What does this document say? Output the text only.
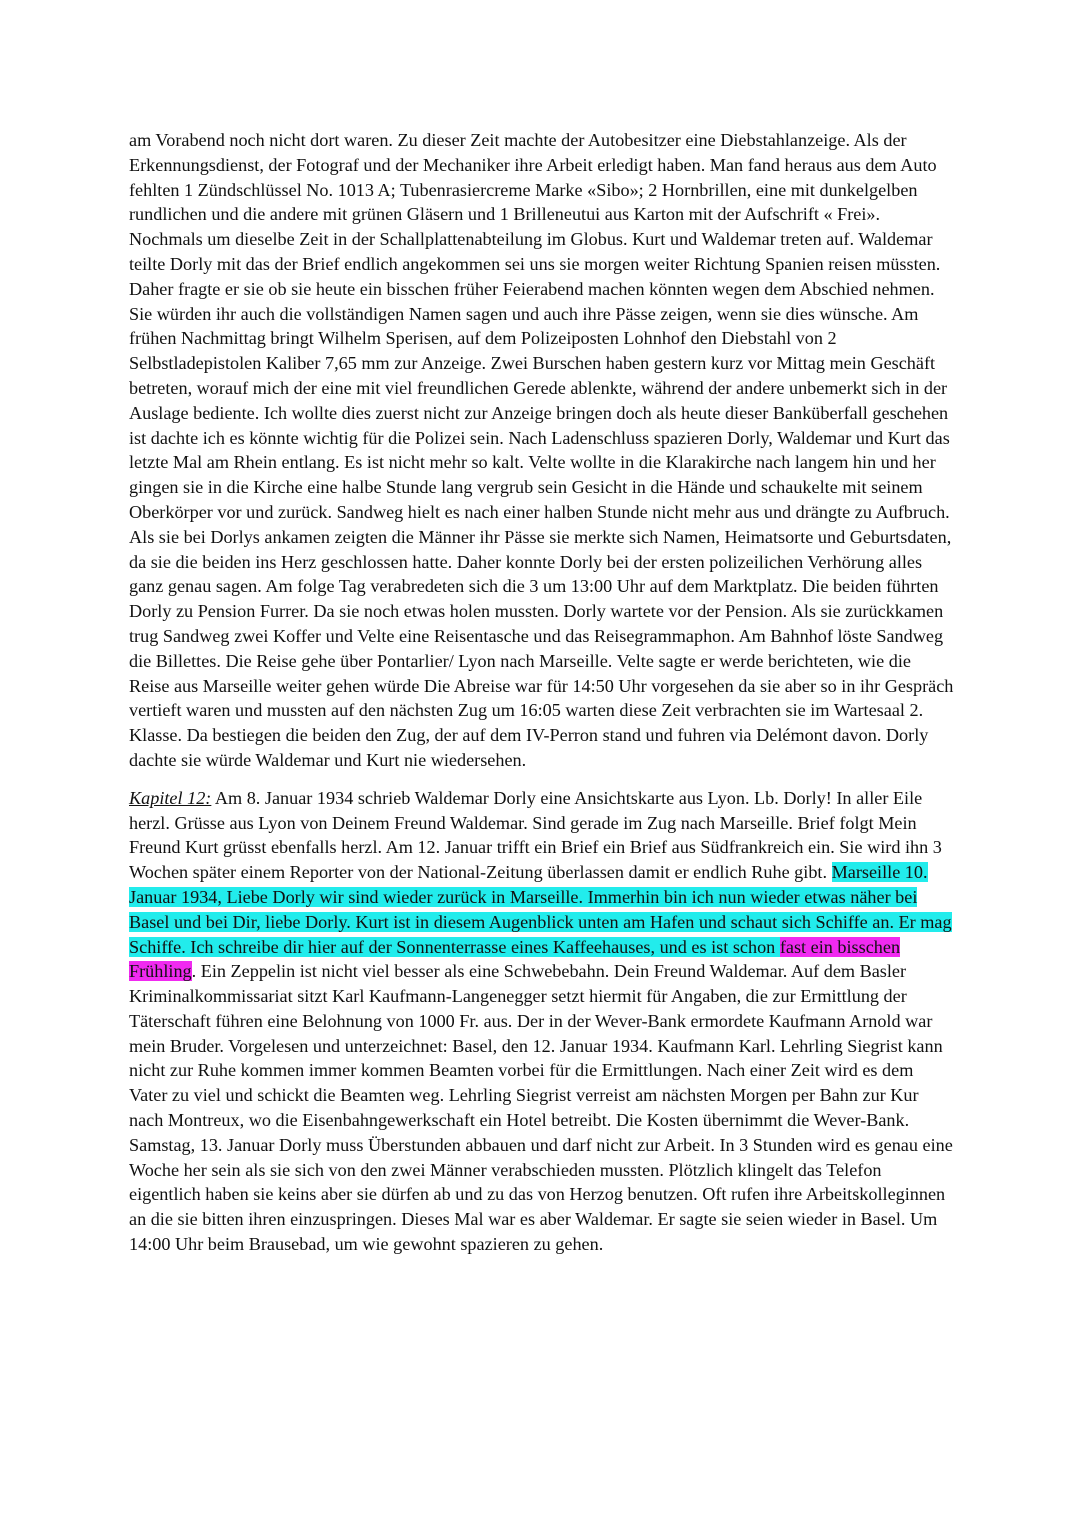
am Vorabend noch nicht dort waren. Zu dieser Zeit machte der Autobesitzer eine Diebstahlanzeige. Als der Erkennungsdienst, der Fotograf und der Mechaniker ihre Arbeit erledigt haben. Man fand heraus aus dem Auto fehlten 1 Zündschlüssel No. 1013 A; Tubenrasiercreme Marke «Sibo»; 2 Hornbrillen, eine mit dunkelgelben rundlichen und die andere mit grünen Gläsern und 1 Brilleneutui aus Karton mit der Aufschrift « Frei». Nochmals um dieselbe Zeit in der Schallplattenabteilung im Globus. Kurt und Waldemar treten auf. Waldemar teilte Dorly mit das der Brief endlich angekommen sei uns sie morgen weiter Richtung Spanien reisen müssten. Daher fragte er sie ob sie heute ein bisschen früher Feierabend machen könnten wegen dem Abschied nehmen. Sie würden ihr auch die vollständigen Namen sagen und auch ihre Pässe zeigen, wenn sie dies wünsche. Am frühen Nachmittag bringt Wilhelm Sperisen, auf dem Polizeiposten Lohnhof den Diebstahl von 2 Selbstladepistolen Kaliber 7,65 mm zur Anzeige. Zwei Burschen haben gestern kurz vor Mittag mein Geschäft betreten, worauf mich der eine mit viel freundlichen Gerede ablenkte, während der andere unbemerkt sich in der Auslage bediente. Ich wollte dies zuerst nicht zur Anzeige bringen doch als heute dieser Banküberfall geschehen ist dachte ich es könnte wichtig für die Polizei sein. Nach Ladenschluss spazieren Dorly, Waldemar und Kurt das letzte Mal am Rhein entlang. Es ist nicht mehr so kalt. Velte wollte in die Klarakirche nach langem hin und her gingen sie in die Kirche eine halbe Stunde lang vergrub sein Gesicht in die Hände und schaukelte mit seinem Oberkörper vor und zurück. Sandweg hielt es nach einer halben Stunde nicht mehr aus und drängte zu Aufbruch. Als sie bei Dorlys ankamen zeigten die Männer ihr Pässe sie merkte sich Namen, Heimatsorte und Geburtsdaten, da sie die beiden ins Herz geschlossen hatte. Daher konnte Dorly bei der ersten polizeilichen Verhörung alles ganz genau sagen. Am folge Tag verabredeten sich die 3 um 13:00 Uhr auf dem Marktplatz. Die beiden führten Dorly zu Pension Furrer. Da sie noch etwas holen mussten. Dorly wartete vor der Pension. Als sie zurückkamen trug Sandweg zwei Koffer und Velte eine Reisentasche und das Reisegrammaphon. Am Bahnhof löste Sandweg die Billettes. Die Reise gehe über Pontarlier/ Lyon nach Marseille. Velte sagte er werde berichteten, wie die Reise aus Marseille weiter gehen würde Die Abreise war für 14:50 Uhr vorgesehen da sie aber so in ihr Gespräch vertieft waren und mussten auf den nächsten Zug um 16:05 warten diese Zeit verbrachten sie im Wartesaal 2. Klasse. Da bestiegen die beiden den Zug, der auf dem IV-Perron stand und fuhren via Delémont davon. Dorly dachte sie würde Waldemar und Kurt nie wiedersehen.

Kapitel 12: Am 8. Januar 1934 schrieb Waldemar Dorly eine Ansichtskarte aus Lyon. Lb. Dorly! In aller Eile herzl. Grüsse aus Lyon von Deinem Freund Waldemar. Sind gerade im Zug nach Marseille. Brief folgt Mein Freund Kurt grüsst ebenfalls herzl. Am 12. Januar trifft ein Brief ein Brief aus Südfrankreich ein. Sie wird ihn 3 Wochen später einem Reporter von der National-Zeitung überlassen damit er endlich Ruhe gibt. Marseille 10. Januar 1934, Liebe Dorly wir sind wieder zurück in Marseille. Immerhin bin ich nun wieder etwas näher bei Basel und bei Dir, liebe Dorly. Kurt ist in diesem Augenblick unten am Hafen und schaut sich Schiffe an. Er mag Schiffe. Ich schreibe dir hier auf der Sonnenterrasse eines Kaffeehauses, und es ist schon fast ein bisschen Frühling. Ein Zeppelin ist nicht viel besser als eine Schwebebahn. Dein Freund Waldemar. Auf dem Basler Kriminalkommissariat sitzt Karl Kaufmann-Langenegger setzt hiermit für Angaben, die zur Ermittlung der Täterschaft führen eine Belohnung von 1000 Fr. aus. Der in der Wever-Bank ermordete Kaufmann Arnold war mein Bruder. Vorgelesen und unterzeichnet: Basel, den 12. Januar 1934. Kaufmann Karl. Lehrling Siegrist kann nicht zur Ruhe kommen immer kommen Beamten vorbei für die Ermittlungen. Nach einer Zeit wird es dem Vater zu viel und schickt die Beamten weg. Lehrling Siegrist verreist am nächsten Morgen per Bahn zur Kur nach Montreux, wo die Eisenbahngewerkschaft ein Hotel betreibt. Die Kosten übernimmt die Wever-Bank. Samstag, 13. Januar Dorly muss Überstunden abbauen und darf nicht zur Arbeit. In 3 Stunden wird es genau eine Woche her sein als sie sich von den zwei Männer verabschieden mussten. Plötzlich klingelt das Telefon eigentlich haben sie keins aber sie dürfen ab und zu das von Herzog benutzen. Oft rufen ihre Arbeitskolleginnen an die sie bitten ihren einzuspringen. Dieses Mal war es aber Waldemar. Er sagte sie seien wieder in Basel. Um 14:00 Uhr beim Brausebad, um wie gewohnt spazieren zu gehen.
